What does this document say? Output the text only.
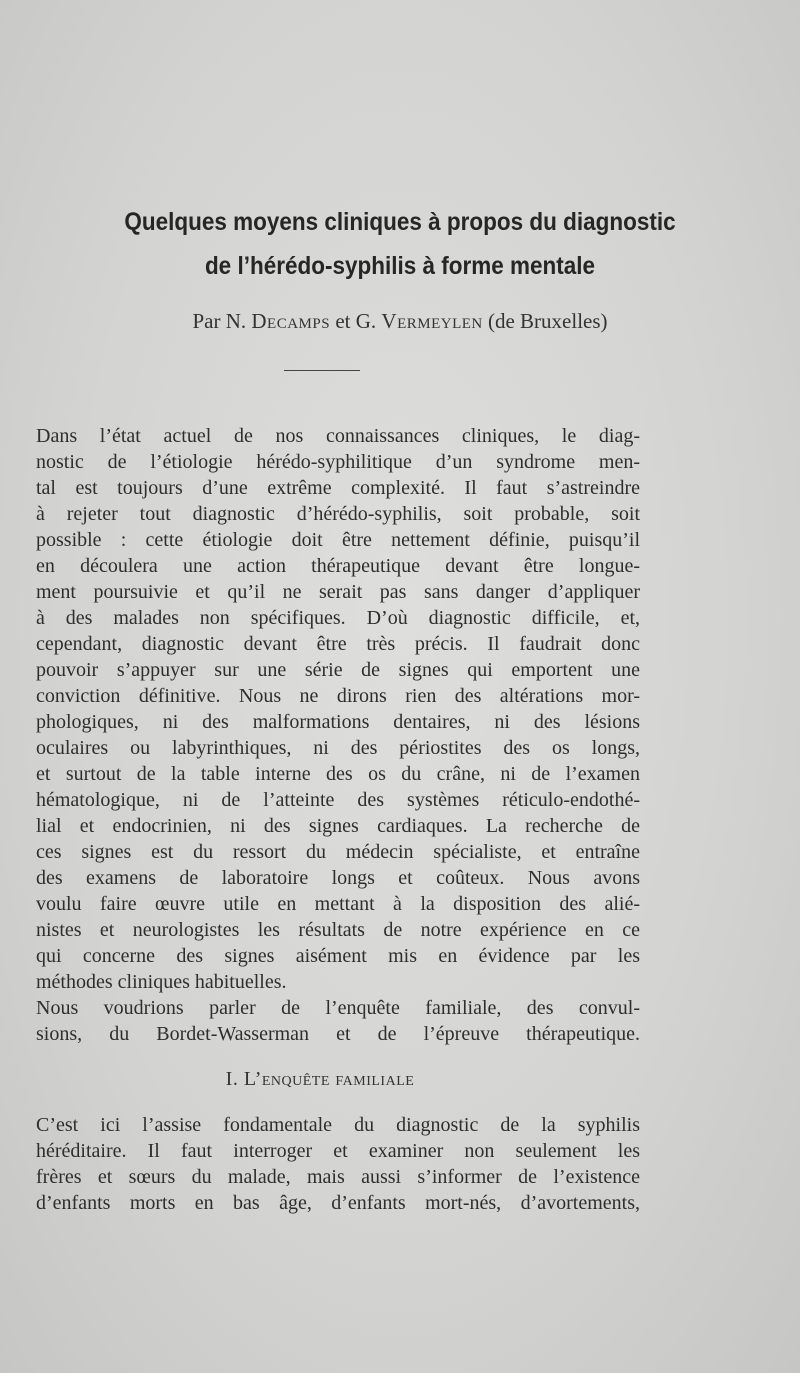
Quelques moyens cliniques à propos du diagnostic
de l’hérédo-syphilis à forme mentale
Par N. Decamps et G. Vermeylen (de Bruxelles)
Dans l’état actuel de nos connaissances cliniques, le diag-
nostic de l’étiologie hérédo-syphilitique d’un syndrome men-
tal est toujours d’une extrême complexité. Il faut s’astreindre
à rejeter tout diagnostic d’hérédo-syphilis, soit probable, soit
possible : cette étiologie doit être nettement définie, puisqu’il
en découlera une action thérapeutique devant être longue-
ment poursuivie et qu’il ne serait pas sans danger d’appliquer
à des malades non spécifiques. D’où diagnostic difficile, et,
cependant, diagnostic devant être très précis. Il faudrait donc
pouvoir s’appuyer sur une série de signes qui emportent une
conviction définitive. Nous ne dirons rien des altérations mor-
phologiques, ni des malformations dentaires, ni des lésions
oculaires ou labyrinthiques, ni des périostites des os longs,
et surtout de la table interne des os du crâne, ni de l’examen
hématologique, ni de l’atteinte des systèmes réticulo-endothé-
lial et endocrinien, ni des signes cardiaques. La recherche de
ces signes est du ressort du médecin spécialiste, et entraîne
des examens de laboratoire longs et coûteux. Nous avons
voulu faire œuvre utile en mettant à la disposition des alié-
nistes et neurologistes les résultats de notre expérience en ce
qui concerne des signes aisément mis en évidence par les
méthodes cliniques habituelles.
Nous voudrions parler de l’enquête familiale, des convul-
sions, du Bordet-Wasserman et de l’épreuve thérapeutique.
I. L’enquête familiale
C’est ici l’assise fondamentale du diagnostic de la syphilis
héréditaire. Il faut interroger et examiner non seulement les
frères et sœurs du malade, mais aussi s’informer de l’existence
d’enfants morts en bas âge, d’enfants mort-nés, d’avortements,
